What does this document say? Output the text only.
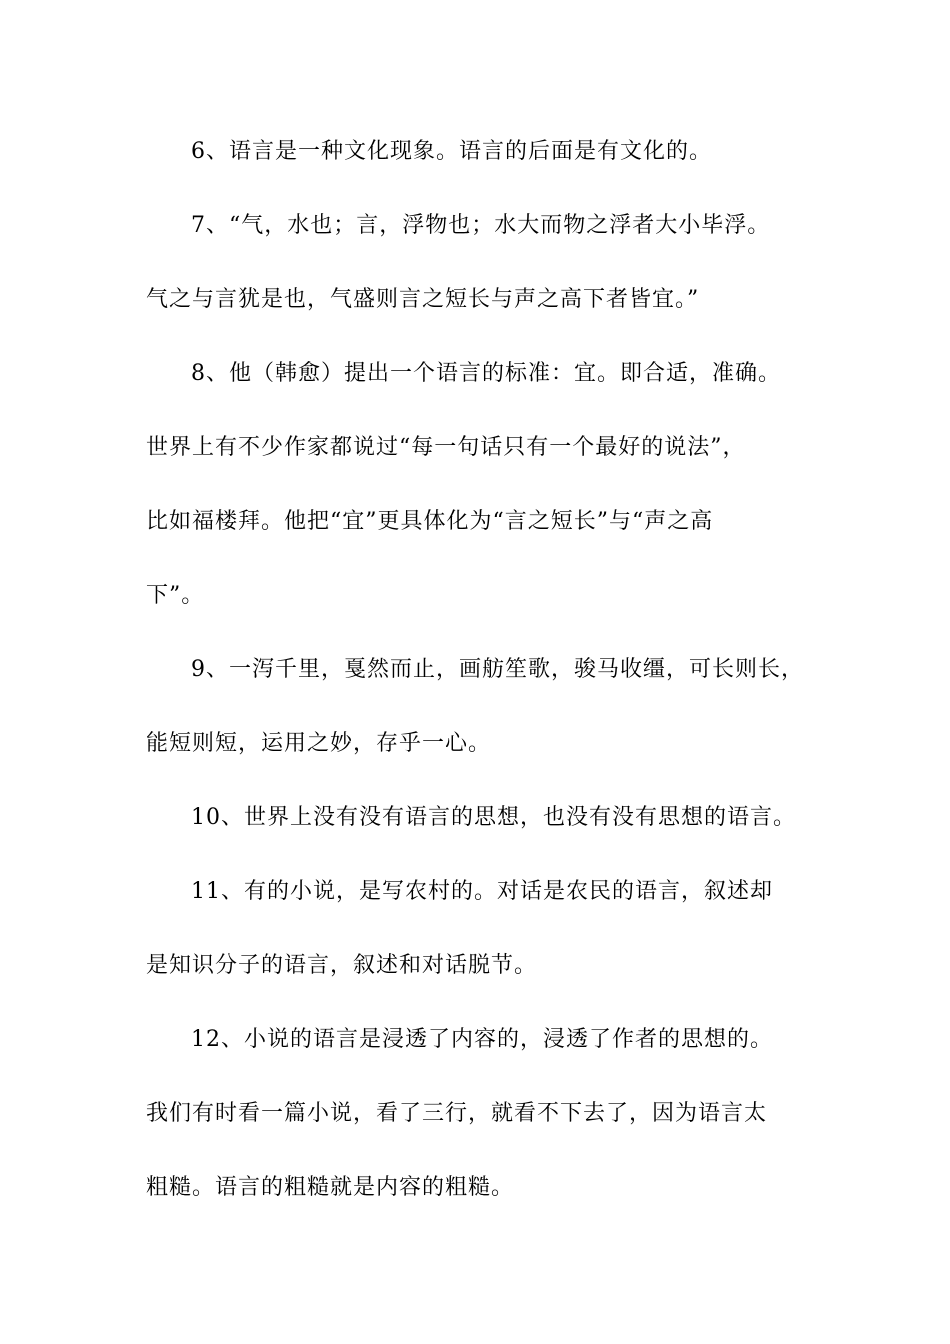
6、语言是一种文化现象。语言的后面是有文化的。
7、“气，水也；言，浮物也；水大而物之浮者大小毕浮。
气之与言犹是也，气盛则言之短长与声之高下者皆宜。”
8、他（韩愈）提出一个语言的标准：宜。即合适，准确。
世界上有不少作家都说过“每一句话只有一个最好的说法”，
比如福楼拜。他把“宜”更具体化为“言之短长”与“声之高
下”。
9、一泻千里，戛然而止，画舫笙歌，骏马收缰，可长则长，
能短则短，运用之妙，存乎一心。
10、世界上没有没有语言的思想，也没有没有思想的语言。
11、有的小说，是写农村的。对话是农民的语言，叙述却
是知识分子的语言，叙述和对话脱节。
12、小说的语言是浸透了内容的，浸透了作者的思想的。
我们有时看一篇小说，看了三行，就看不下去了，因为语言太
粗糙。语言的粗糙就是内容的粗糙。
